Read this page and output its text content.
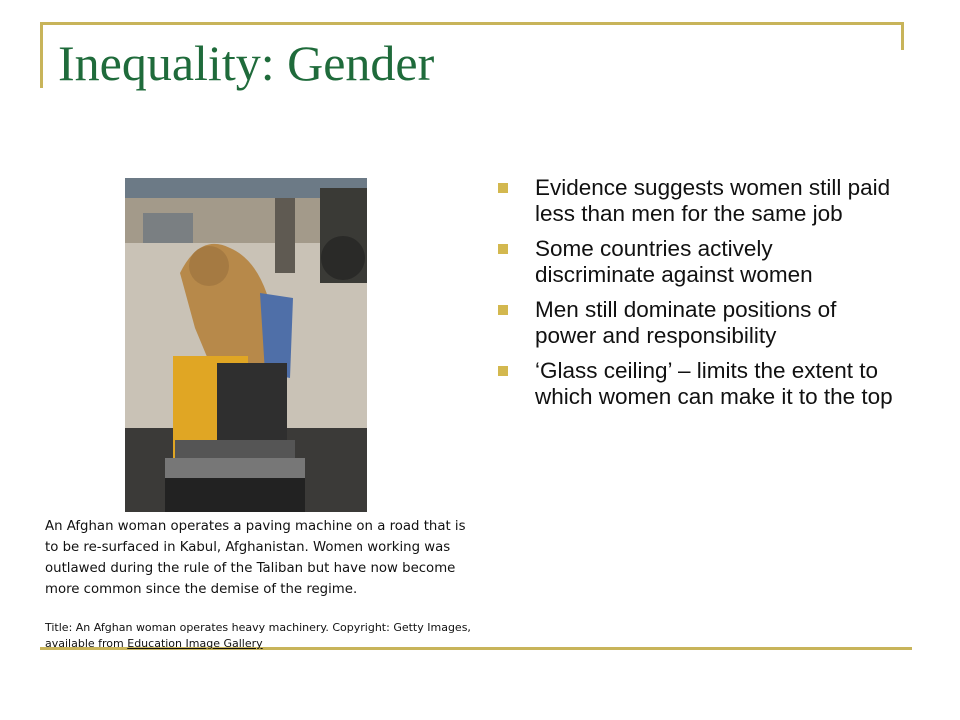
Inequality: Gender
An Afghan woman operates a paving machine on a road that is to be re-surfaced in Kabul, Afghanistan. Women working was outlawed during the rule of the Taliban but have now become more common since the demise of the regime.
Title: An Afghan woman operates heavy machinery. Copyright: Getty Images, available from Education Image Gallery
Evidence suggests women still paid less than men for the same job
Some countries actively discriminate against women
Men still dominate positions of power and responsibility
‘Glass ceiling’ – limits the extent to which women can make it to the top
